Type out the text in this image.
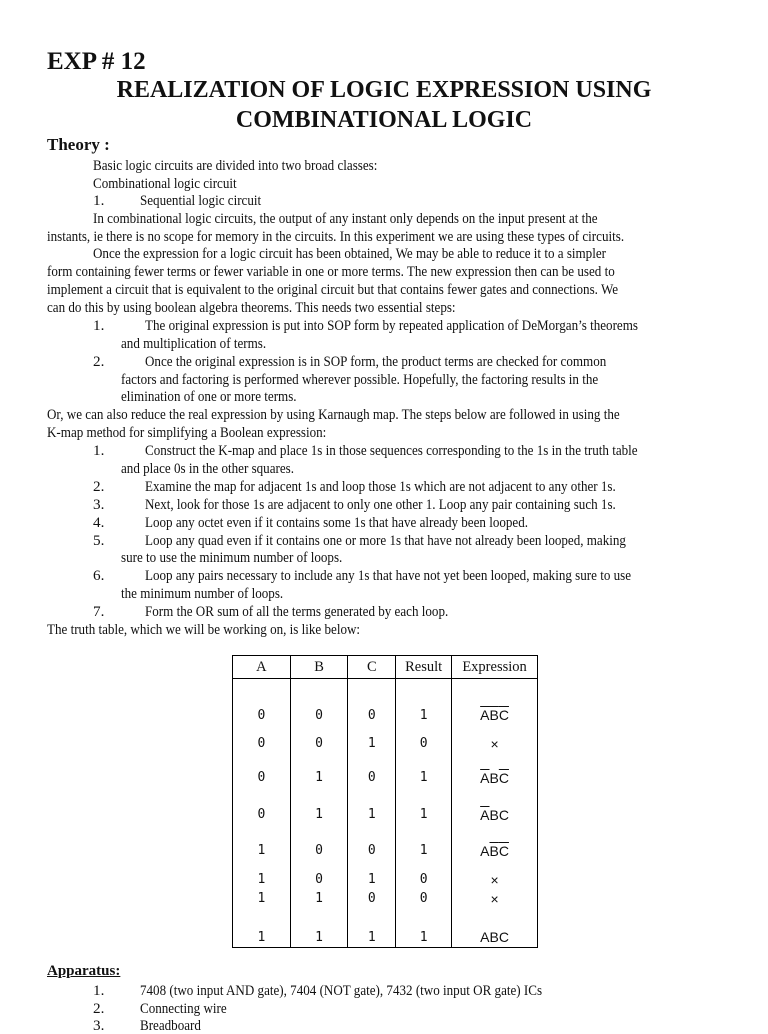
EXP # 12
REALIZATION OF LOGIC EXPRESSION USING
COMBINATIONAL LOGIC
Theory :
Basic logic circuits are divided into two broad classes:
Combinational logic circuit
1. Sequential logic circuit
In combinational logic circuits, the output of any instant only depends on the input present at the
instants, ie there is no scope for memory in the circuits. In this experiment we are using these types of circuits.
Once the expression for a logic circuit has been obtained, We may be able to reduce it to a simpler
form containing fewer terms or fewer variable in one or more terms. The new expression then can be used to
implement a circuit that is equivalent to the original circuit but that contains fewer gates and connections. We
can do this by using boolean algebra theorems. This needs two essential steps:
1.	The original expression is put into SOP form by repeated application of DeMorgan’s theorems
and multiplication of terms.
2.	Once the original expression is in SOP form, the product terms are checked for common
factors and factoring is performed wherever possible. Hopefully, the factoring results in the
elimination of one or more terms.
Or, we can also reduce the real expression by using Karnaugh map. The steps below are followed in using the
K-map method for simplifying a Boolean expression:
1.	Construct the K-map and place 1s in those sequences corresponding to the 1s in the truth table
and place 0s in the other squares.
2.	Examine the map for adjacent 1s and loop those 1s which are not adjacent to any other 1s.
3.	Next, look for those 1s are adjacent to only one other 1. Loop any pair containing such 1s.
4.	Loop any octet even if it contains some 1s that have already been looped.
5.	Loop any quad even if it contains one or more 1s that have not already been looped, making
sure to use the minimum number of loops.
6.	Loop any pairs necessary to include any 1s that have not yet been looped, making sure to use
the minimum number of loops.
7.	Form the OR sum of all the terms generated by each loop.
The truth table, which we will be working on, is like below:
A	B	C	Result	Expression
0	0	0	1	$\overline{A}\overline{B}\overline{C}$
0	0	1	0	×
0	1	0	1	$\overline{A}B\overline{C}$
0	1	1	1	$\overline{A}BC$
1	0	0	1	$A\overline{B}\overline{C}$
1	0	1	0	×
1	1	0	0	×
1	1	1	1	ABC
Apparatus:
1. 7408 (two input AND gate), 7404 (NOT gate), 7432 (two input OR gate) ICs
2. Connecting wire
3. Breadboard
